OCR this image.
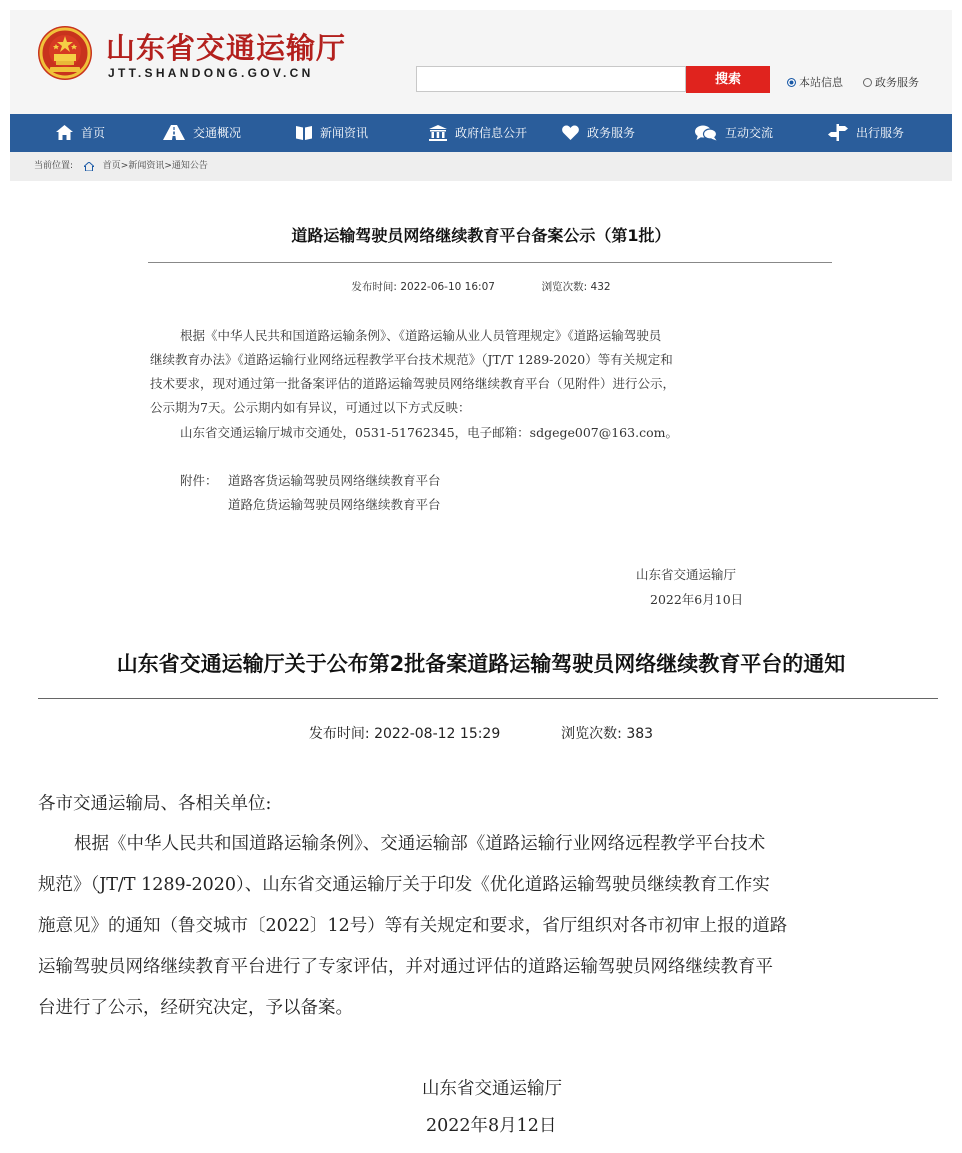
山东省交通运输厅
JTT.SHANDONG.GOV.CN	搜索	本站信息	政务服务
首页	交通概况	新闻资讯	政府信息公开	政务服务	互动交流	出行服务
当前位置:	首页>新闻资讯>通知公告
道路运输驾驶员网络继续教育平台备案公示（第1批）
发布时间: 2022-06-10 16:07	浏览次数: 432
根据《中华人民共和国道路运输条例》、《道路运输从业人员管理规定》《道路运输驾驶员
继续教育办法》《道路运输行业网络远程教学平台技术规范》（JT/T 1289-2020）等有关规定和
技术要求，现对通过第一批备案评估的道路运输驾驶员网络继续教育平台（见附件）进行公示，
公示期为7天。公示期内如有异议，可通过以下方式反映：
山东省交通运输厅城市交通处，0531-51762345，电子邮箱：sdgege007@163.com。
附件： 道路客货运输驾驶员网络继续教育平台
道路危货运输驾驶员网络继续教育平台
山东省交通运输厅
2022年6月10日
山东省交通运输厅关于公布第2批备案道路运输驾驶员网络继续教育平台的通知
发布时间: 2022-08-12 15:29	浏览次数: 383
各市交通运输局、各相关单位:
根据《中华人民共和国道路运输条例》、交通运输部《道路运输行业网络远程教学平台技术
规范》（JT/T 1289-2020）、山东省交通运输厅关于印发《优化道路运输驾驶员继续教育工作实
施意见》的通知（鲁交城市〔2022〕12号）等有关规定和要求，省厅组织对各市初审上报的道路
运输驾驶员网络继续教育平台进行了专家评估，并对通过评估的道路运输驾驶员网络继续教育平
台进行了公示，经研究决定，予以备案。
山东省交通运输厅
2022年8月12日
